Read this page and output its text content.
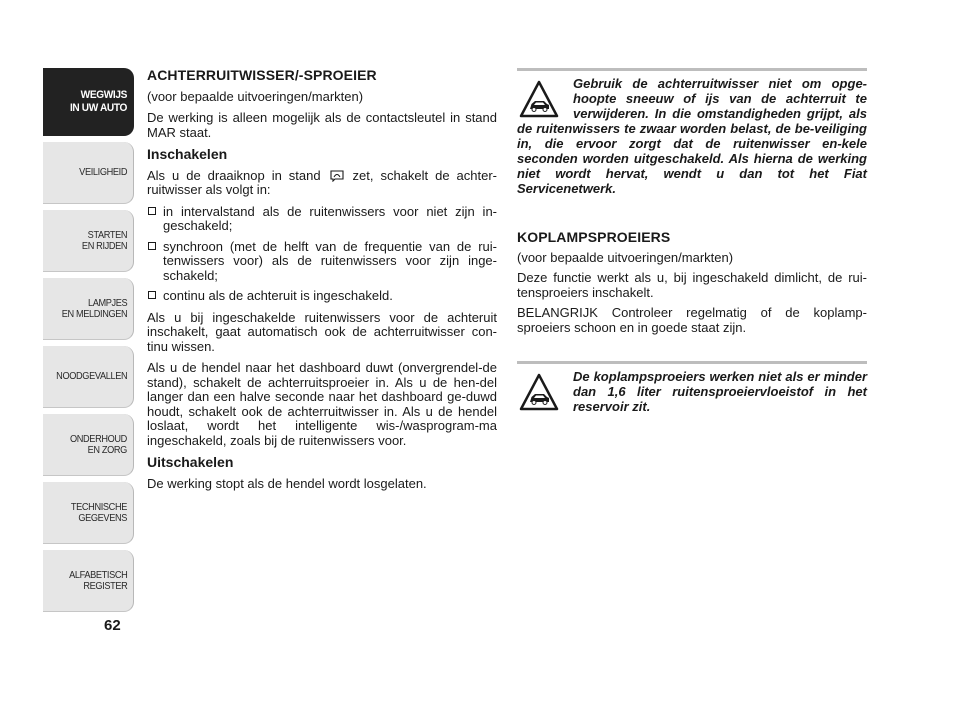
WEGWIJS
IN UW AUTO
VEILIGHEID
STARTEN
EN RIJDEN
LAMPJES
EN MELDINGEN
NOODGEVALLEN
ONDERHOUD
EN ZORG
TECHNISCHE
GEGEVENS
ALFABETISCH
REGISTER
62

ACHTERRUITWISSER/-SPROEIER

(voor bepaalde uitvoeringen/markten)

De werking is alleen mogelijk als de contactsleutel in stand MAR staat.

Inschakelen

Als u de draaiknop in stand zet, schakelt de achter-ruitwisser als volgt in:

in intervalstand als de ruitenwissers voor niet zijn in-geschakeld;
synchroon (met de helft van de frequentie van de rui-tenwissers voor) als de ruitenwissers voor zijn inge-schakeld;
continu als de achteruit is ingeschakeld.

Als u bij ingeschakelde ruitenwissers voor de achteruit inschakelt, gaat automatisch ook de achterruitwisser con-tinu wissen.

Als u de hendel naar het dashboard duwt (onvergrendel-de stand), schakelt de achterruitsproeier in. Als u de hen-del langer dan een halve seconde naar het dashboard ge-duwd houdt, schakelt ook de achterruitwisser in. Als u de hendel loslaat, wordt het intelligente wis-/wasprogram-ma ingeschakeld, zoals bij de ruitenwissers voor.

Uitschakelen

De werking stopt als de hendel wordt losgelaten.

Gebruik de achterruitwisser niet om opge-hoopte sneeuw of ijs van de achterruit te verwijderen. In die omstandigheden grijpt, als de ruitenwissers te zwaar worden belast, de be-veiliging in, die ervoor zorgt dat de ruitenwisser en-kele seconden worden uitgeschakeld. Als hierna de werking niet wordt hervat, wendt u dan tot het Fiat Servicenetwerk.

KOPLAMPSPROEIERS

(voor bepaalde uitvoeringen/markten)

Deze functie werkt als u, bij ingeschakeld dimlicht, de rui-tensproeiers inschakelt.

BELANGRIJK Controleer regelmatig of de koplamp-sproeiers schoon en in goede staat zijn.

De koplampsproeiers werken niet als er minder dan 1,6 liter ruitensproeiervloeistof in het reservoir zit.
